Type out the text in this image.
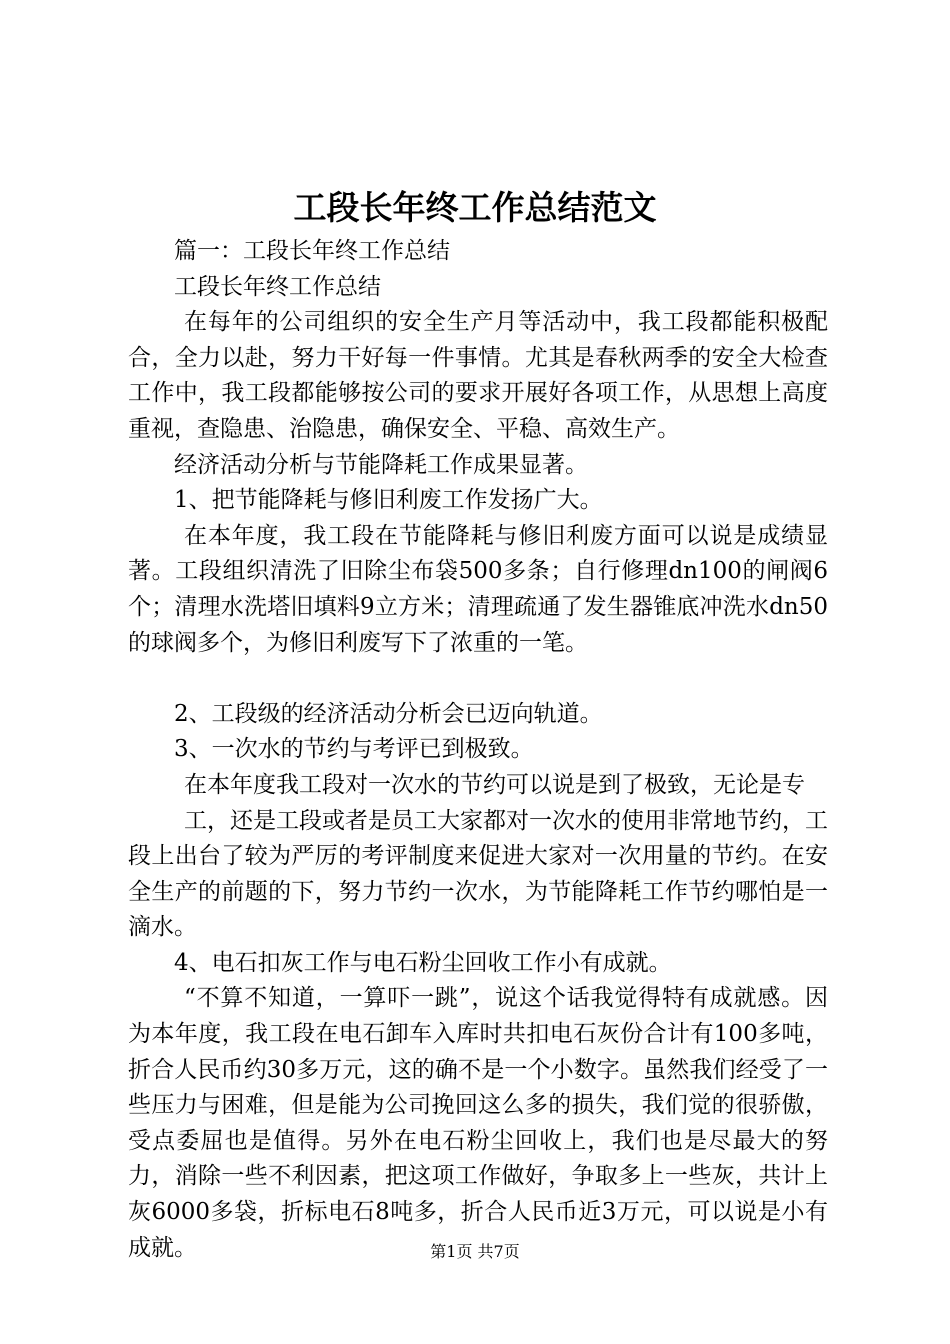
工段长年终工作总结范文

篇一：工段长年终工作总结

工段长年终工作总结

在每年的公司组织的安全生产月等活动中，我工段都能积极配合，全力以赴，努力干好每一件事情。尤其是春秋两季的安全大检查工作中，我工段都能够按公司的要求开展好各项工作，从思想上高度重视，查隐患、治隐患，确保安全、平稳、高效生产。

经济活动分析与节能降耗工作成果显著。

1、把节能降耗与修旧利废工作发扬广大。

在本年度，我工段在节能降耗与修旧利废方面可以说是成绩显著。工段组织清洗了旧除尘布袋500多条；自行修理dn100的闸阀6个；清理水洗塔旧填料9立方米；清理疏通了发生器锥底冲洗水dn50的球阀多个，为修旧利废写下了浓重的一笔。

2、工段级的经济活动分析会已迈向轨道。

3、一次水的节约与考评已到极致。

在本年度我工段对一次水的节约可以说是到了极致，无论是专

工，还是工段或者是员工大家都对一次水的使用非常地节约，工段上出台了较为严厉的考评制度来促进大家对一次用量的节约。在安全生产的前题的下，努力节约一次水，为节能降耗工作节约哪怕是一滴水。

4、电石扣灰工作与电石粉尘回收工作小有成就。

“不算不知道，一算吓一跳”，说这个话我觉得特有成就感。因为本年度，我工段在电石卸车入库时共扣电石灰份合计有100多吨，折合人民币约30多万元，这的确不是一个小数字。虽然我们经受了一些压力与困难，但是能为公司挽回这么多的损失，我们觉的很骄傲，受点委屈也是值得。另外在电石粉尘回收上，我们也是尽最大的努力，消除一些不利因素，把这项工作做好，争取多上一些灰，共计上灰6000多袋，折标电石8吨多，折合人民币近3万元，可以说是小有成就。	第1页 共7页
